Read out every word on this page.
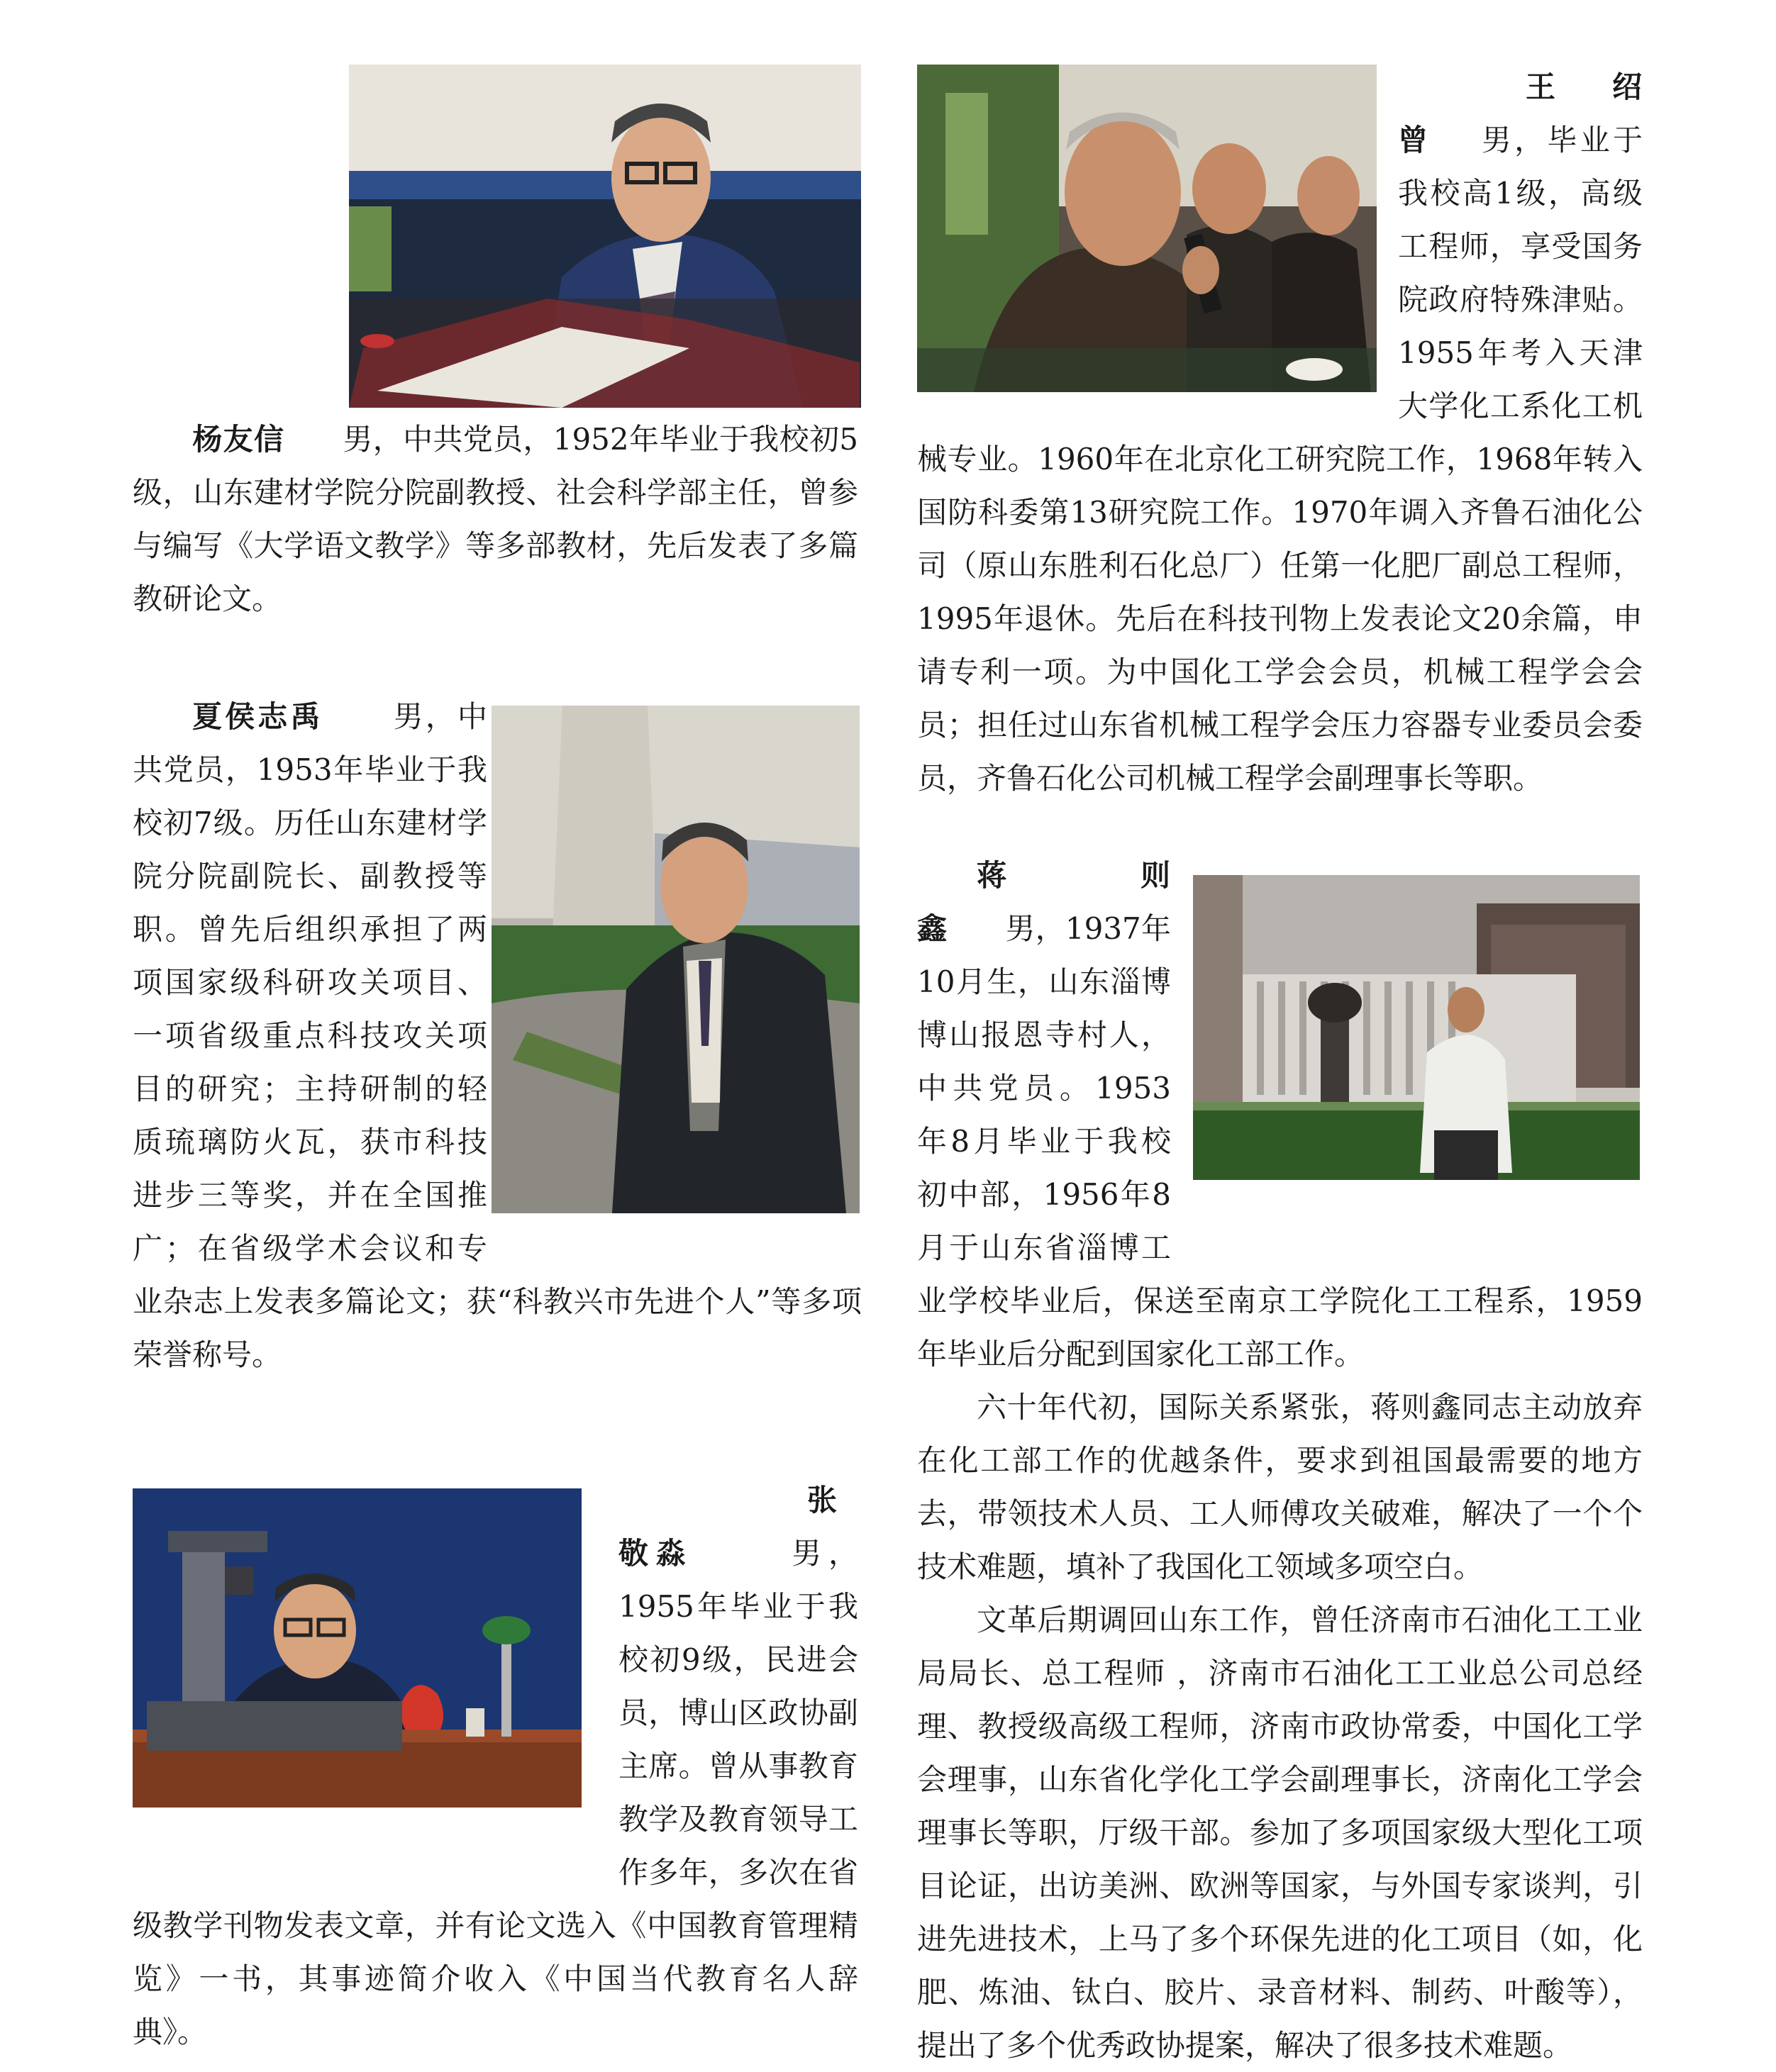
杨友信 男，中共党员，1952年毕业于我校初5级，山东建材学院分院副教授、社会科学部主任，曾参与编写《大学语文教学》等多部教材，先后发表了多篇教研论文。

夏侯志禹 男，中共党员，1953年毕业于我校初7级。历任山东建材学院分院副院长、副教授等职。曾先后组织承担了两项国家级科研攻关项目、一项省级重点科技攻关项目的研究；主持研制的轻质琉璃防火瓦，获市科技进步三等奖，并在全国推广；在省级学术会议和专业杂志上发表多篇论文；获“科教兴市先进个人”等多项荣誉称号。

张敬淼	男，1955年毕业于我校初9级，民进会员，博山区政协副主席。曾从事教育教学及教育领导工作多年，多次在省级教学刊物发表文章，并有论文选入《中国教育管理精览》一书，其事迹简介收入《中国当代教育名人辞典》。

王绍曾 男，毕业于我校高1级，高级工程师，享受国务院政府特殊津贴。1955年考入天津大学化工系化工机械专业。1960年在北京化工研究院工作，1968年转入国防科委第13研究院工作。1970年调入齐鲁石油化公司（原山东胜利石化总厂）任第一化肥厂副总工程师，1995年退休。先后在科技刊物上发表论文20余篇，申请专利一项。为中国化工学会会员，机械工程学会会员；担任过山东省机械工程学会压力容器专业委员会委员，齐鲁石化公司机械工程学会副理事长等职。

蒋则鑫 男，1937年10月生，山东淄博博山报恩寺村人，中共党员。1953年8月毕业于我校初中部，1956年8月于山东省淄博工业学校毕业后，保送至南京工学院化工工程系，1959年毕业后分配到国家化工部工作。

六十年代初，国际关系紧张，蒋则鑫同志主动放弃在化工部工作的优越条件，要求到祖国最需要的地方去，带领技术人员、工人师傅攻关破难，解决了一个个技术难题，填补了我国化工领域多项空白。

文革后期调回山东工作，曾任济南市石油化工工业局局长、总工程师 ，济南市石油化工工业总公司总经理、教授级高级工程师，济南市政协常委，中国化工学会理事，山东省化学化工学会副理事长，济南化工学会理事长等职，厅级干部。参加了多项国家级大型化工项目论证，出访美洲、欧洲等国家，与外国专家谈判，引进先进技术，上马了多个环保先进的化工项目（如，化肥、炼油、钛白、胶片、录音材料、制药、叶酸等），提出了多个优秀政协提案，解决了很多技术难题。
